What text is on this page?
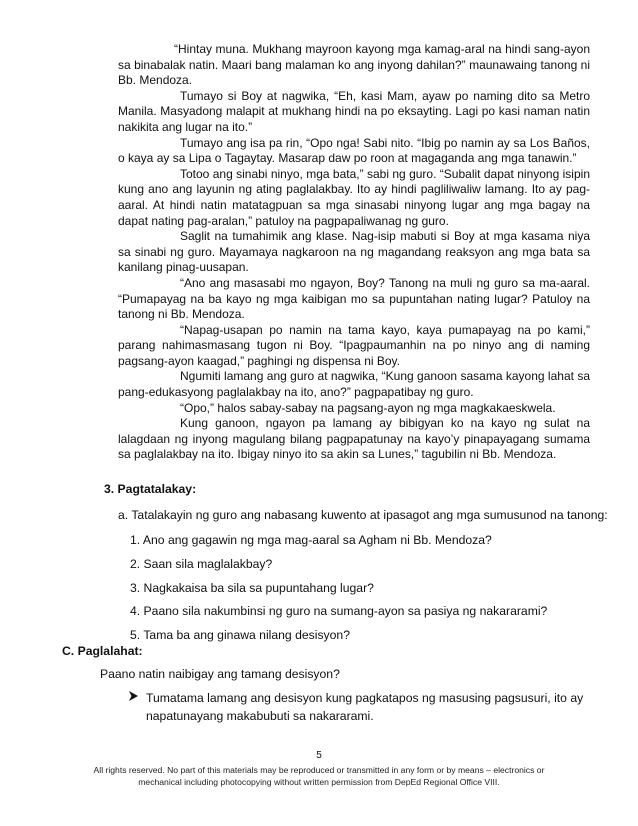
“Hintay muna. Mukhang mayroon kayong mga kamag-aral na hindi sang-ayon sa binabalak natin. Maari bang malaman ko ang inyong dahilan?” maunawaing tanong ni Bb. Mendoza.

Tumayo si Boy at nagwika, “Eh, kasi Mam, ayaw po naming dito sa Metro Manila. Masyadong malapit at mukhang hindi na po eksayting. Lagi po kasi naman natin nakikita ang lugar na ito.”

Tumayo ang isa pa rin, “Opo nga! Sabi nito. “Ibig po namin ay sa Los Baños, o kaya ay sa Lipa o Tagaytay. Masarap daw po roon at magaganda ang mga tanawin.”

Totoo ang sinabi ninyo, mga bata,” sabi ng guro. “Subalit dapat ninyong isipin kung ano ang layunin ng ating paglalakbay. Ito ay hindi pagliliwaliw lamang. Ito ay pag-aaral. At hindi natin matatagpuan sa mga sinasabi ninyong lugar ang mga bagay na dapat nating pag-aralan,” patuloy na pagpapaliwanag ng guro.

Saglit na tumahimik ang klase. Nag-isip mabuti si Boy at mga kasama niya sa sinabi ng guro. Mayamaya nagkaroon na ng magandang reaksyon ang mga bata sa kanilang pinag-uusapan.

“Ano ang masasabi mo ngayon, Boy? Tanong na muli ng guro sa ma-aaral. “Pumapayag na ba kayo ng mga kaibigan mo sa pupuntahan nating lugar? Patuloy na tanong ni Bb. Mendoza.

“Napag-usapan po namin na tama kayo, kaya pumapayag na po kami,” parang nahimasmasang tugon ni Boy. “Ipagpaumanhin na po ninyo ang di naming pagsang-ayon kaagad,” paghingi ng dispensa ni Boy.

Ngumiti lamang ang guro at nagwika, “Kung ganoon sasama kayong lahat sa pang-edukasyong paglalakbay na ito, ano?” pagpapatibay ng guro.

“Opo,” halos sabay-sabay na pagsang-ayon ng mga magkakaeskwela.

Kung ganoon, ngayon pa lamang ay bibigyan ko na kayo ng sulat na lalagdaan ng inyong magulang bilang pagpapatunay na kayo’y pinapayagang sumama sa paglalakbay na ito. Ibigay ninyo ito sa akin sa Lunes,” tagubilin ni Bb. Mendoza.

3. Pagtatalakay:
a. Tatalakayin ng guro ang nabasang kuwento at ipasagot ang mga sumusunod na tanong:
1. Ano ang gagawin ng mga mag-aaral sa Agham ni Bb. Mendoza?
2. Saan sila maglalakbay?
3. Nagkakaisa ba sila sa pupuntahang lugar?
4. Paano sila nakumbinsi ng guro na sumang-ayon sa pasiya ng nakararami?
5. Tama ba ang ginawa nilang desisyon?
C. Paglalahat:
Paano natin naibigay ang tamang desisyon?
Tumatama lamang ang desisyon kung pagkatapos ng masusing pagsusuri, ito ay napatunayang makabubuti sa nakararami.
5
All rights reserved. No part of this materials may be reproduced or transmitted in any form or by means – electronics or
mechanical including photocopying without written permission from DepEd Regional Office VIII.
